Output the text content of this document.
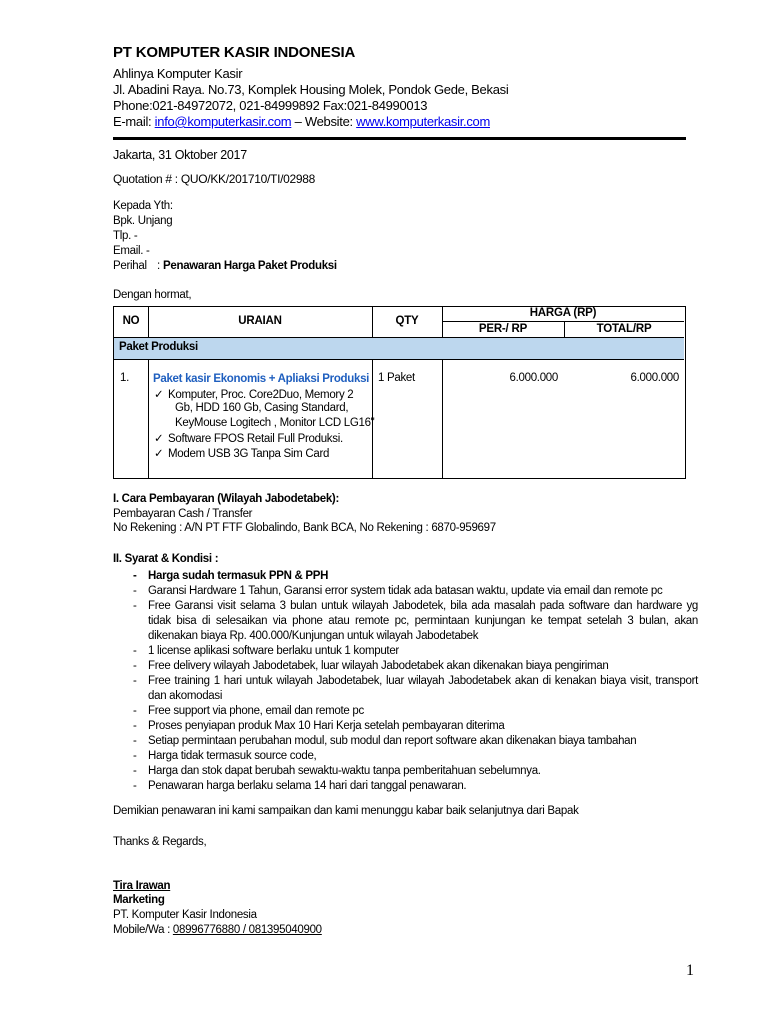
PT KOMPUTER KASIR INDONESIA
Ahlinya Komputer Kasir
Jl. Abadini Raya. No.73, Komplek Housing Molek, Pondok Gede, Bekasi
Phone:021-84972072, 021-84999892 Fax:021-84990013
E-mail: info@komputerkasir.com – Website: www.komputerkasir.com
Jakarta, 31 Oktober 2017
Quotation # : QUO/KK/201710/TI/02988
Kepada Yth:
Bpk. Unjang
Tlp. -
Email. -
Perihal : Penawaran Harga Paket Produksi
Dengan hormat,
NO	URAIAN	QTY
HARGA (RP)
PER-/ RP	TOTAL/RP
Paket Produksi
1. Paket kasir Ekonomis + Apliaksi Produksi
✓ Komputer, Proc. Core2Duo, Memory 2
Gb, HDD 160 Gb, Casing Standard,
KeyMouse Logitech , Monitor LCD LG16"
✓ Software FPOS Retail Full Produksi.
✓ Modem USB 3G Tanpa Sim Card
1 Paket	6.000.000	6.000.000
I. Cara Pembayaran (Wilayah Jabodetabek):
Pembayaran Cash / Transfer
No Rekening : A/N PT FTF Globalindo, Bank BCA, No Rekening : 6870-959697
II. Syarat & Kondisi :
- Harga sudah termasuk PPN & PPH
- Garansi Hardware 1 Tahun, Garansi error system tidak ada batasan waktu, update via email dan remote pc
- Free Garansi visit selama 3 bulan untuk wilayah Jabodetek, bila ada masalah pada software dan hardware yg tidak bisa di selesaikan via phone atau remote pc, permintaan kunjungan ke tempat setelah 3 bulan, akan dikenakan biaya Rp. 400.000/Kunjungan untuk wilayah Jabodetabek
- 1 license aplikasi software berlaku untuk 1 komputer
- Free delivery wilayah Jabodetabek, luar wilayah Jabodetabek akan dikenakan biaya pengiriman
- Free training 1 hari untuk wilayah Jabodetabek, luar wilayah Jabodetabek akan di kenakan biaya visit, transport dan akomodasi
- Free support via phone, email dan remote pc
- Proses penyiapan produk Max 10 Hari Kerja setelah pembayaran diterima
- Setiap permintaan perubahan modul, sub modul dan report software akan dikenakan biaya tambahan
- Harga tidak termasuk source code,
- Harga dan stok dapat berubah sewaktu-waktu tanpa pemberitahuan sebelumnya.
- Penawaran harga berlaku selama 14 hari dari tanggal penawaran.
Demikian penawaran ini kami sampaikan dan kami menunggu kabar baik selanjutnya dari Bapak
Thanks & Regards,
Tira Irawan
Marketing
PT. Komputer Kasir Indonesia
Mobile/Wa : 08996776880 / 081395040900
1
